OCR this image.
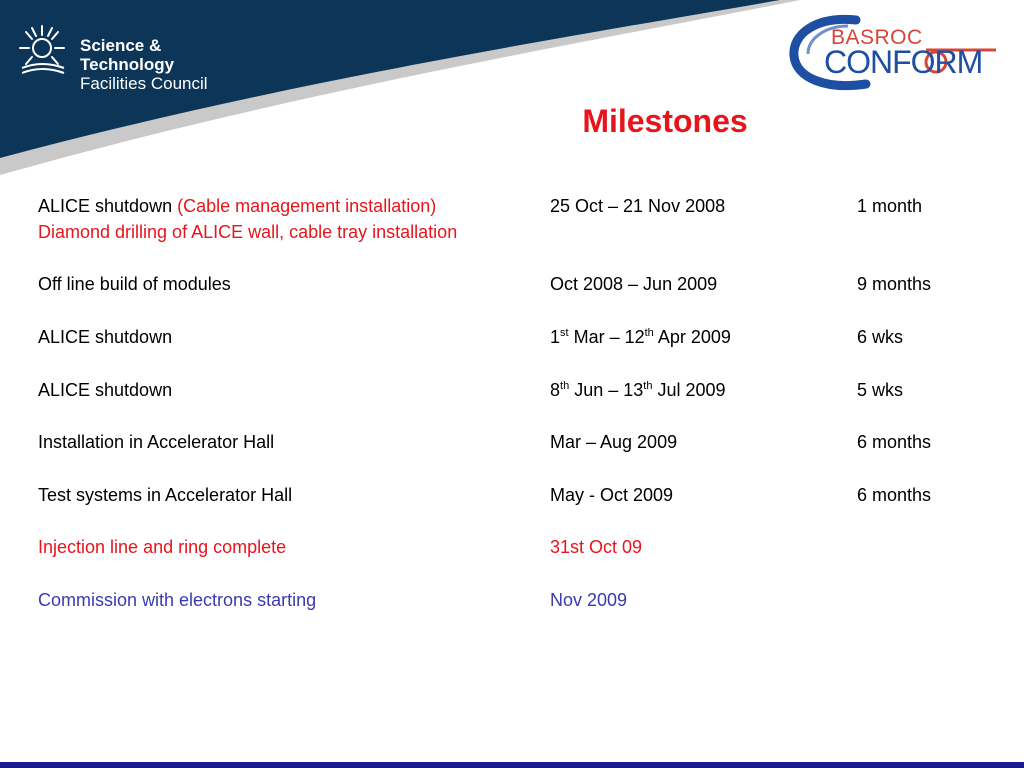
Science & Technology
Facilities Council
BASROC
CONFORM
Milestones
ALICE shutdown (Cable management installation)	25 Oct – 21 Nov 2008	1 month
Diamond drilling of ALICE wall, cable tray installation
Off line build of modules	Oct 2008 – Jun 2009	9 months
ALICE shutdown	1st Mar – 12th Apr 2009	6 wks
ALICE shutdown	8th Jun – 13th Jul 2009	5 wks
Installation in Accelerator Hall	Mar – Aug 2009	6 months
Test systems in Accelerator Hall	May - Oct 2009	6 months
Injection line and ring complete	31st Oct 09
Commission with electrons starting	Nov 2009
